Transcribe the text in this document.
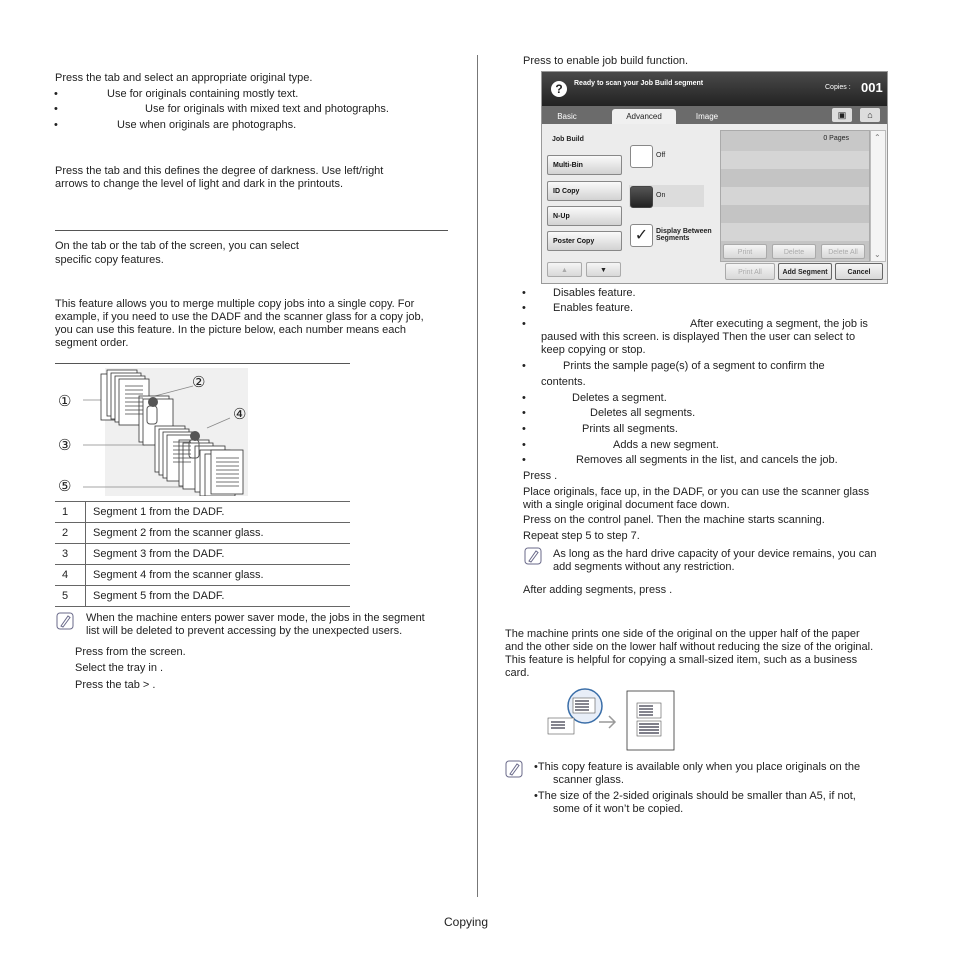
Press the tab and select an appropriate original type.
Use for originals containing mostly text.
Use for originals with mixed text and photographs.
Use when originals are photographs.
Press the tab and this defines the degree of darkness. Use left/right
arrows to change the level of light and dark in the printouts.
On the tab or the tab of the screen, you can select
specific copy features.
This feature allows you to merge multiple copy jobs into a single copy. For
example, if you need to use the DADF and the scanner glass for a copy job,
you can use this feature. In the picture below, each number means each
segment order.
①
②
③
④
⑤
1	Segment 1 from the DADF.
2	Segment 2 from the scanner glass.
3	Segment 3 from the DADF.
4	Segment 4 from the scanner glass.
5	Segment 5 from the DADF.
When the machine enters power saver mode, the jobs in the segment
list will be deleted to prevent accessing by the unexpected users.
Press from the screen.
Select the tray in .
Press the tab > .
Press to enable job build function.
?	Ready to scan your Job Build segment
Copies : 001
Basic	Advanced	Image	▣	⌂
Job Build
Multi-Bin
ID Copy
N-Up
Poster Copy
▲	▼
Off
On
✓	Display Between Segments
0 Pages	⌃
⌄
Print	Delete	Delete All
Print All	Add Segment	Cancel
Disables feature.
Enables feature.
After executing a segment, the job is
paused with this screen. is displayed Then the user can select to
keep copying or stop.
Prints the sample page(s) of a segment to confirm the
contents.
Deletes a segment.
Deletes all segments.
Prints all segments.
Adds a new segment.
Removes all segments in the list, and cancels the job.
Press .
Place originals, face up, in the DADF, or you can use the scanner glass
with a single original document face down.
Press on the control panel. Then the machine starts scanning.
Repeat step 5 to step 7.
As long as the hard drive capacity of your device remains, you can
add segments without any restriction.
After adding segments, press .
The machine prints one side of the original on the upper half of the paper
and the other side on the lower half without reducing the size of the original.
This feature is helpful for copying a small-sized item, such as a business
card.
•This copy feature is available only when you place originals on the
scanner glass.
•The size of the 2-sided originals should be smaller than A5, if not,
some of it won’t be copied.
Copying
